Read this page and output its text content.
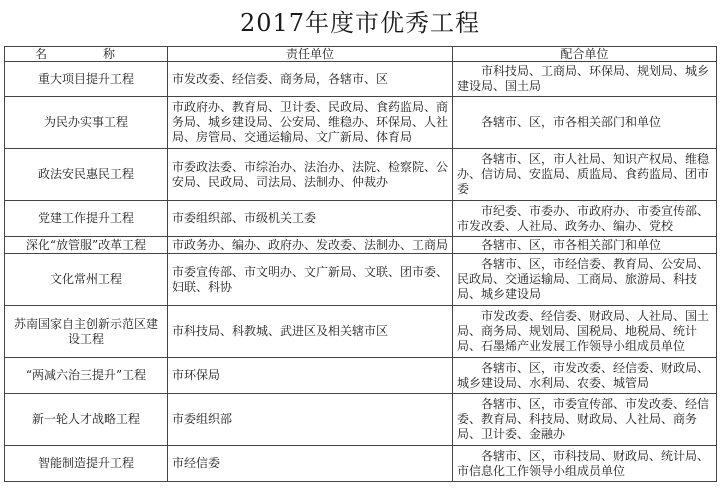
2017年度市优秀工程
名　称	责任单位	配合单位
重大项目提升工程	市发改委、经信委、商务局，各辖市、区	市科技局、工商局、环保局、规划局、城乡建设局、国土局
为民办实事工程	市政府办、教育局、卫计委、民政局、食药监局、商务局、城乡建设局、公安局、维稳办、环保局、人社局、房管局、交通运输局、文广新局、体育局	各辖市、区，市各相关部门和单位
政法安民惠民工程	市委政法委、市综治办、法治办、法院、检察院、公安局、民政局、司法局、法制办、仲裁办	各辖市、区，市人社局、知识产权局、维稳办、信访局、安监局、质监局、食药监局、团市委
党建工作提升工程	市委组织部、市级机关工委	市纪委、市委办、市政府办、市委宣传部、市发改委、人社局、政务办、编办、党校
深化“放管服”改革工程	市政务办、编办、政府办、发改委、法制办、工商局	各辖市、区，市各相关部门和单位
文化常州工程	市委宣传部、市文明办、文广新局、文联、团市委、妇联、科协	各辖市、区，市经信委、教育局、公安局、民政局、交通运输局、工商局、旅游局、科技局、城乡建设局
苏南国家自主创新示范区建设工程	市科技局、科教城、武进区及相关辖市区	市发改委、经信委、财政局、人社局、国土局、商务局、规划局、国税局、地税局、统计局、石墨烯产业发展工作领导小组成员单位
“两减六治三提升”工程	市环保局	各辖市、区，市发改委、经信委、财政局、城乡建设局、水利局、农委、城管局
新一轮人才战略工程	市委组织部	各辖市、区，市委宣传部、市发改委、经信委、教育局、科技局、财政局、人社局、商务局、卫计委、金融办
智能制造提升工程	市经信委	各辖市、区，市科技局、财政局、统计局、市信息化工作领导小组成员单位
